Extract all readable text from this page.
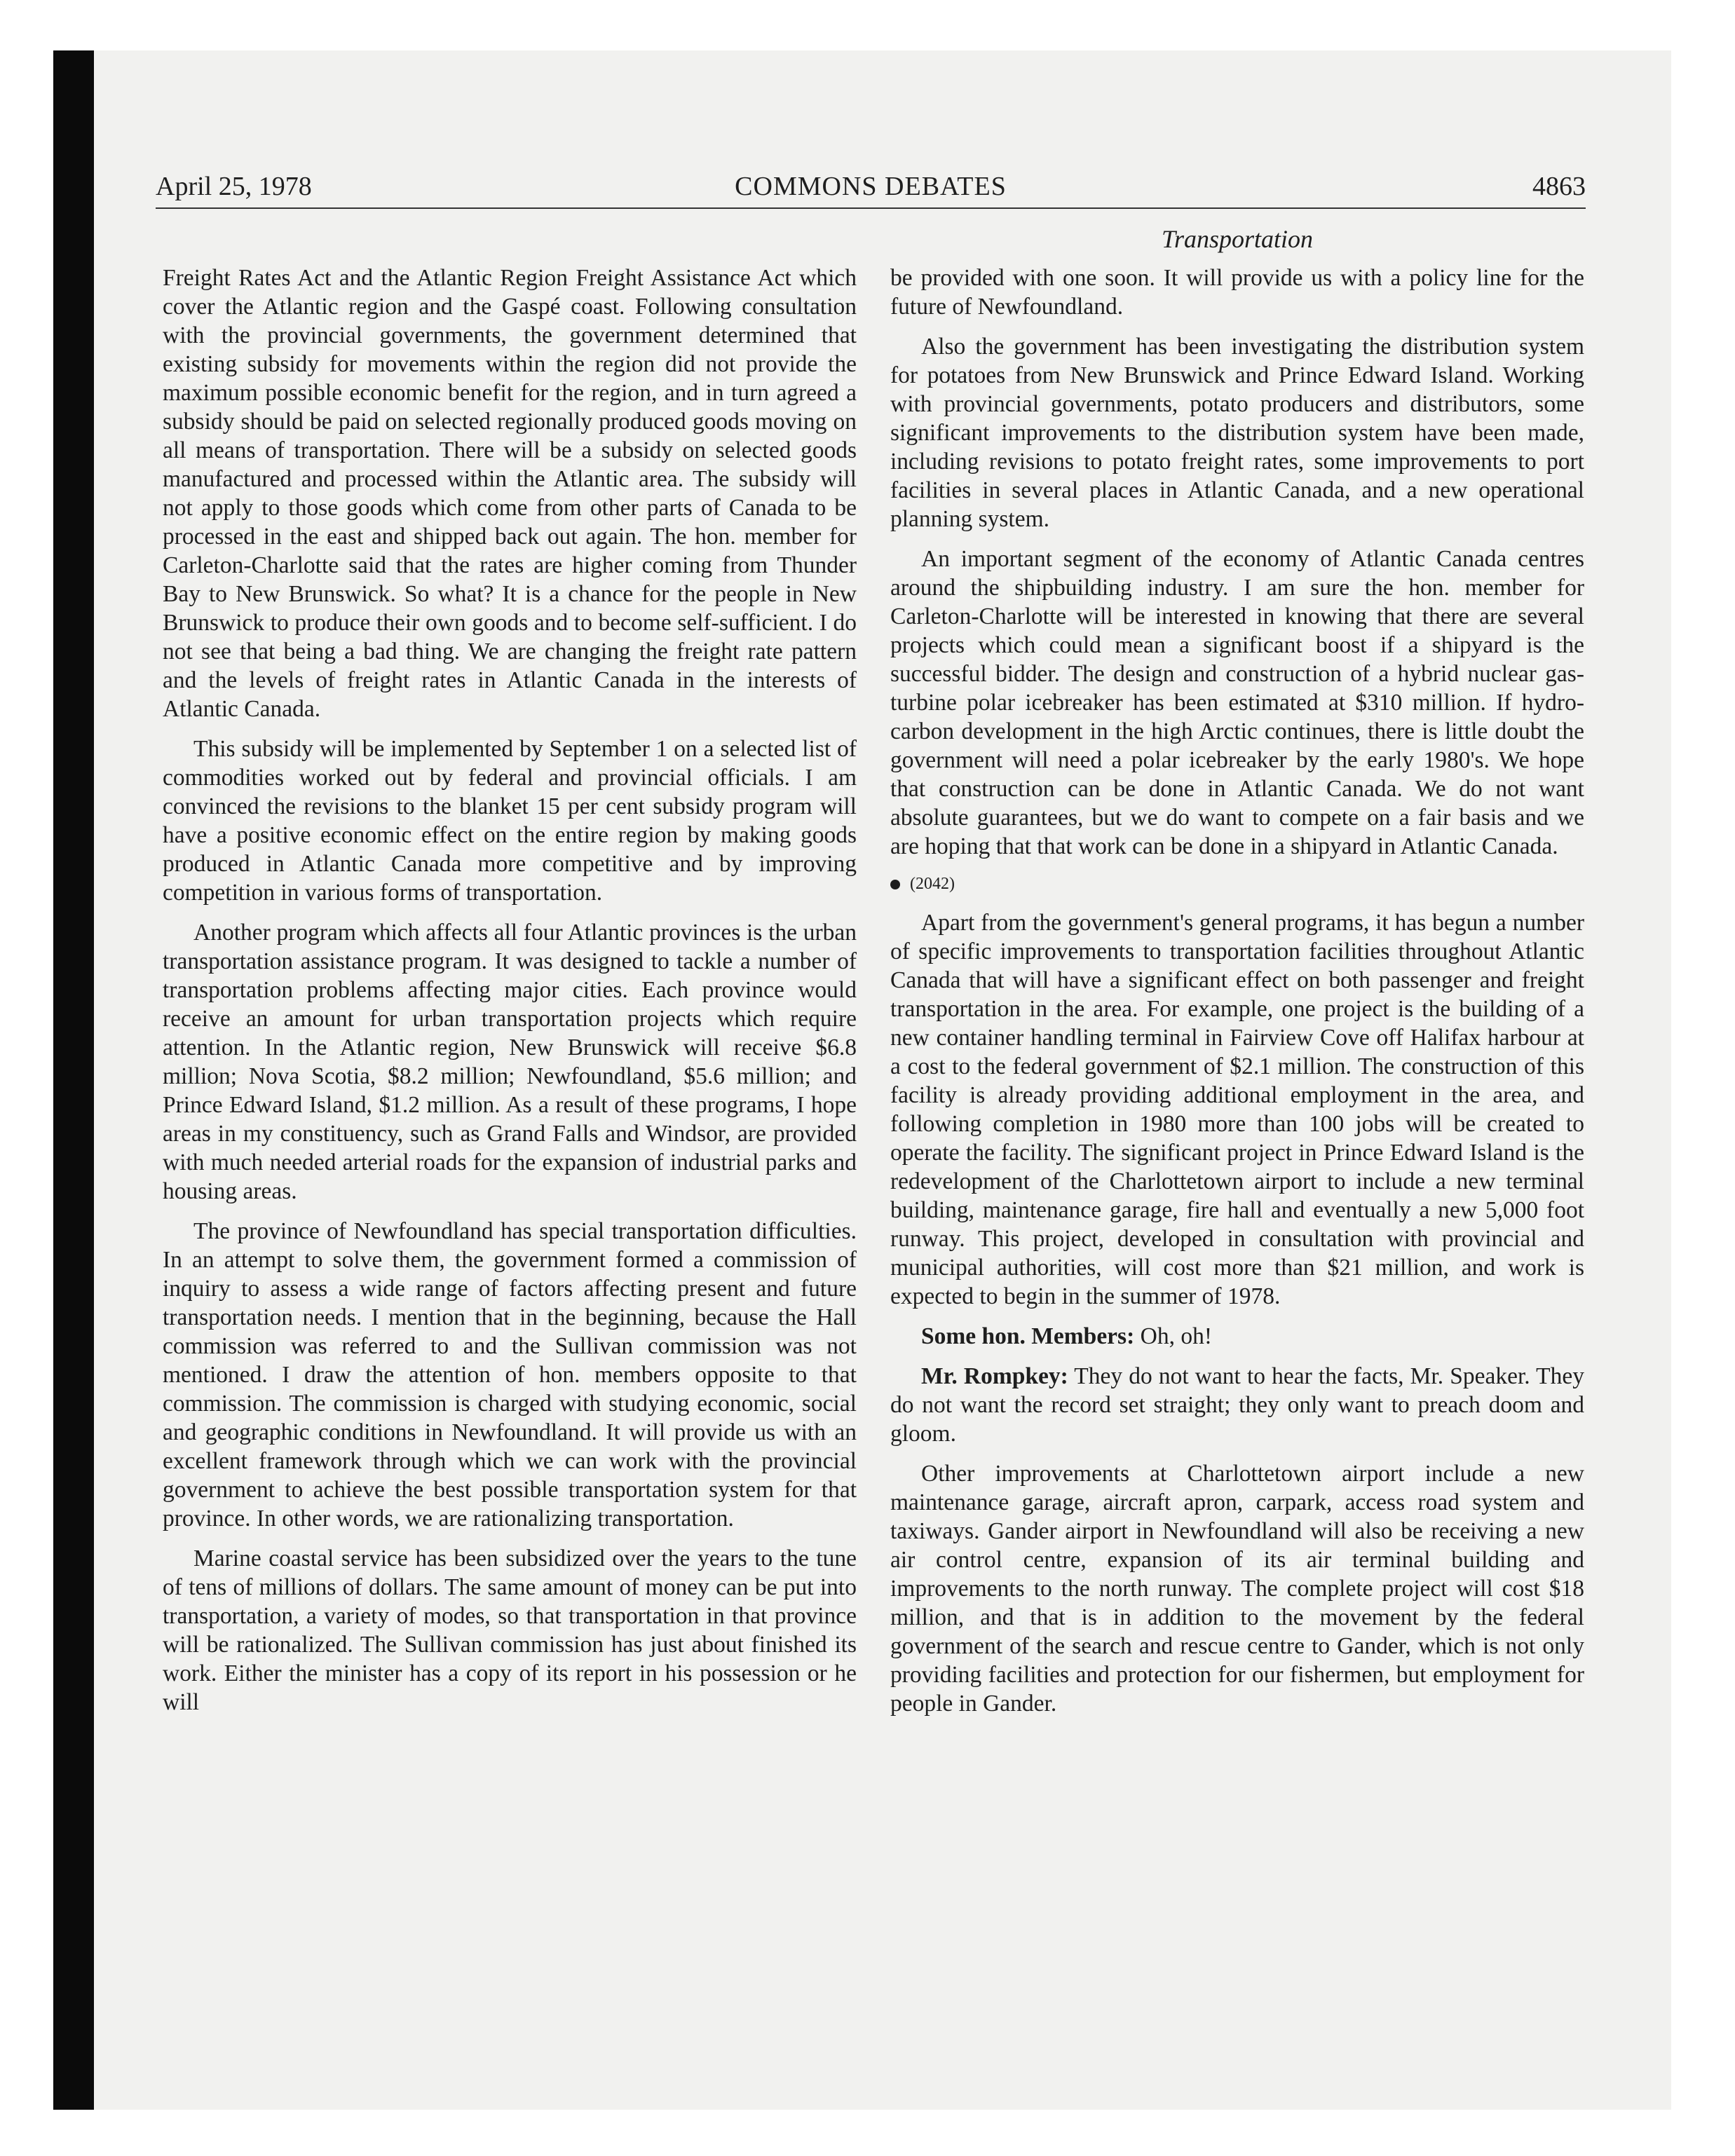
April 25, 1978	COMMONS DEBATES	4863
Transportation

Freight Rates Act and the Atlantic Region Freight Assistance Act which cover the Atlantic region and the Gaspé coast. Following consultation with the provincial governments, the government determined that existing subsidy for movements within the region did not provide the maximum possible economic benefit for the region, and in turn agreed a subsidy should be paid on selected regionally produced goods moving on all means of transportation. There will be a subsidy on selected goods manufactured and processed within the Atlantic area. The subsidy will not apply to those goods which come from other parts of Canada to be processed in the east and shipped back out again. The hon. member for Carleton-Charlotte said that the rates are higher coming from Thunder Bay to New Brunswick. So what? It is a chance for the people in New Brunswick to produce their own goods and to become self-sufficient. I do not see that being a bad thing. We are changing the freight rate pattern and the levels of freight rates in Atlantic Canada in the interests of Atlantic Canada.

This subsidy will be implemented by September 1 on a selected list of commodities worked out by federal and provincial officials. I am convinced the revisions to the blanket 15 per cent subsidy program will have a positive economic effect on the entire region by making goods produced in Atlantic Canada more competitive and by improving competition in various forms of transportation.

Another program which affects all four Atlantic provinces is the urban transportation assistance program. It was designed to tackle a number of transportation problems affecting major cities. Each province would receive an amount for urban transportation projects which require attention. In the Atlantic region, New Brunswick will receive $6.8 million; Nova Scotia, $8.2 million; Newfoundland, $5.6 million; and Prince Edward Island, $1.2 million. As a result of these programs, I hope areas in my constituency, such as Grand Falls and Windsor, are provided with much needed arterial roads for the expansion of industrial parks and housing areas.

The province of Newfoundland has special transportation difficulties. In an attempt to solve them, the government formed a commission of inquiry to assess a wide range of factors affecting present and future transportation needs. I mention that in the beginning, because the Hall commission was referred to and the Sullivan commission was not mentioned. I draw the attention of hon. members opposite to that commission. The commission is charged with studying economic, social and geographic conditions in Newfoundland. It will provide us with an excellent framework through which we can work with the provincial government to achieve the best possible transportation system for that province. In other words, we are rationalizing transportation.

Marine coastal service has been subsidized over the years to the tune of tens of millions of dollars. The same amount of money can be put into transportation, a variety of modes, so that transportation in that province will be rationalized. The Sullivan commission has just about finished its work. Either the minister has a copy of its report in his possession or he will

be provided with one soon. It will provide us with a policy line for the future of Newfoundland.

Also the government has been investigating the distribution system for potatoes from New Brunswick and Prince Edward Island. Working with provincial governments, potato producers and distributors, some significant improvements to the distribution system have been made, including revisions to potato freight rates, some improvements to port facilities in several places in Atlantic Canada, and a new operational planning system.

An important segment of the economy of Atlantic Canada centres around the shipbuilding industry. I am sure the hon. member for Carleton-Charlotte will be interested in knowing that there are several projects which could mean a significant boost if a shipyard is the successful bidder. The design and construction of a hybrid nuclear gas-turbine polar icebreaker has been estimated at $310 million. If hydro-carbon development in the high Arctic continues, there is little doubt the government will need a polar icebreaker by the early 1980's. We hope that construction can be done in Atlantic Canada. We do not want absolute guarantees, but we do want to compete on a fair basis and we are hoping that that work can be done in a shipyard in Atlantic Canada.

(2042)

Apart from the government's general programs, it has begun a number of specific improvements to transportation facilities throughout Atlantic Canada that will have a significant effect on both passenger and freight transportation in the area. For example, one project is the building of a new container handling terminal in Fairview Cove off Halifax harbour at a cost to the federal government of $2.1 million. The construction of this facility is already providing additional employment in the area, and following completion in 1980 more than 100 jobs will be created to operate the facility. The significant project in Prince Edward Island is the redevelopment of the Charlottetown airport to include a new terminal building, maintenance garage, fire hall and eventually a new 5,000 foot runway. This project, developed in consultation with provincial and municipal authorities, will cost more than $21 million, and work is expected to begin in the summer of 1978.

Some hon. Members: Oh, oh!

Mr. Rompkey: They do not want to hear the facts, Mr. Speaker. They do not want the record set straight; they only want to preach doom and gloom.

Other improvements at Charlottetown airport include a new maintenance garage, aircraft apron, carpark, access road system and taxiways. Gander airport in Newfoundland will also be receiving a new air control centre, expansion of its air terminal building and improvements to the north runway. The complete project will cost $18 million, and that is in addition to the movement by the federal government of the search and rescue centre to Gander, which is not only providing facilities and protection for our fishermen, but employment for people in Gander.
